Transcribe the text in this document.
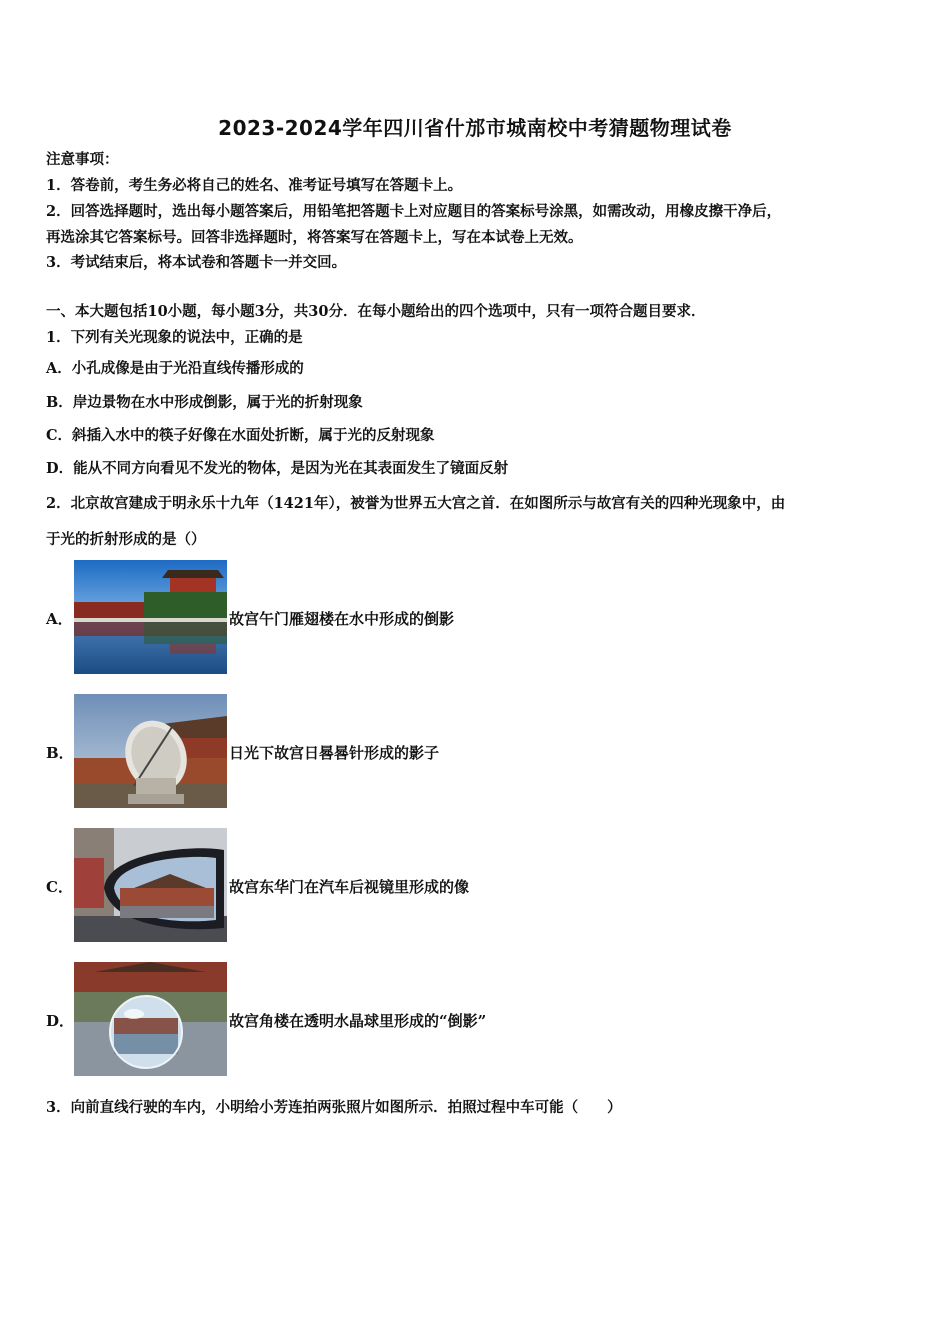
2023-2024学年四川省什邡市城南校中考猜题物理试卷
注意事项：
1．答卷前，考生务必将自己的姓名、准考证号填写在答题卡上。
2．回答选择题时，选出每小题答案后，用铅笔把答题卡上对应题目的答案标号涂黑，如需改动，用橡皮擦干净后，
再选涂其它答案标号。回答非选择题时，将答案写在答题卡上，写在本试卷上无效。
3．考试结束后，将本试卷和答题卡一并交回。
一、本大题包括10小题，每小题3分，共30分．在每小题给出的四个选项中，只有一项符合题目要求．
1．下列有关光现象的说法中，正确的是
A．小孔成像是由于光沿直线传播形成的
B．岸边景物在水中形成倒影，属于光的折射现象
C．斜插入水中的筷子好像在水面处折断，属于光的反射现象
D．能从不同方向看见不发光的物体，是因为光在其表面发生了镜面反射
2．北京故宫建成于明永乐十九年（1421年），被誉为世界五大宫之首．在如图所示与故宫有关的四种光现象中，由
于光的折射形成的是（）
A．	故宫午门雁翅楼在水中形成的倒影
B．	日光下故宫日晷晷针形成的影子
C．	故宫东华门在汽车后视镜里形成的像
D．	故宫角楼在透明水晶球里形成的“倒影”
3．向前直线行驶的车内，小明给小芳连拍两张照片如图所示．拍照过程中车可能（　　）
